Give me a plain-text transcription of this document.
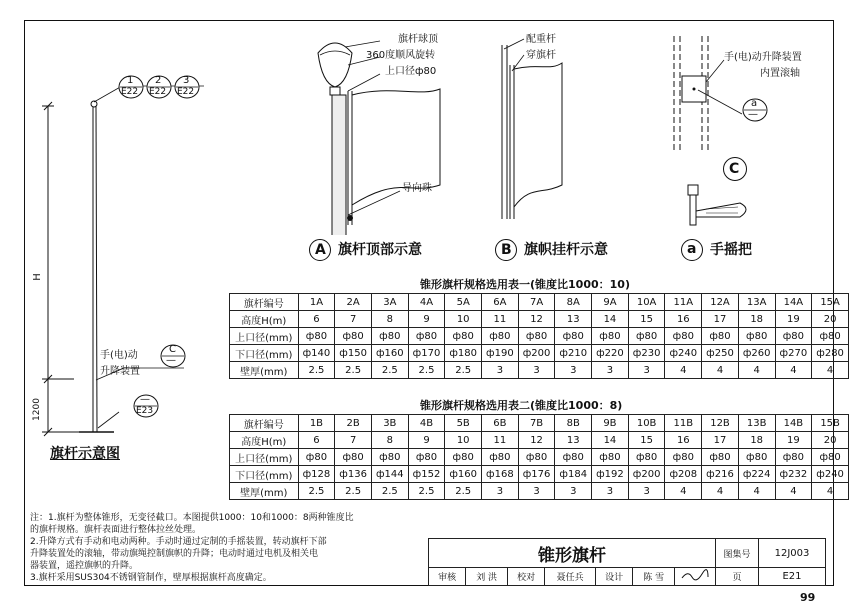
1
E22
2
E22
3
E22
H
1200
手(电)动
升降装置
C
—
—
E23
旗杆示意图
旗杆球顶
360度顺风旋转
上口径ф80
导向珠
A 旗杆顶部示意
配重杆
穿旗杆
B 旗帜挂杆示意
手(电)动升降装置
内置滚轴
a
—
C
a 手摇把
锥形旗杆规格选用表一(锥度比1000：10)
旗杆编号	1A	2A	3A	4A	5A	6A	7A	8A	9A	10A	11A	12A	13A	14A	15A
高度H(m)	6	7	8	9	10	11	12	13	14	15	16	17	18	19	20
上口径(mm)	ф80	ф80	ф80	ф80	ф80	ф80	ф80	ф80	ф80	ф80	ф80	ф80	ф80	ф80	ф80
下口径(mm)	ф140	ф150	ф160	ф170	ф180	ф190	ф200	ф210	ф220	ф230	ф240	ф250	ф260	ф270	ф280
壁厚(mm)	2.5	2.5	2.5	2.5	2.5	3	3	3	3	3	4	4	4	4	4
锥形旗杆规格选用表二(锥度比1000：8)
旗杆编号	1B	2B	3B	4B	5B	6B	7B	8B	9B	10B	11B	12B	13B	14B	15B
高度H(m)	6	7	8	9	10	11	12	13	14	15	16	17	18	19	20
上口径(mm)	ф80	ф80	ф80	ф80	ф80	ф80	ф80	ф80	ф80	ф80	ф80	ф80	ф80	ф80	ф80
下口径(mm)	ф128	ф136	ф144	ф152	ф160	ф168	ф176	ф184	ф192	ф200	ф208	ф216	ф224	ф232	ф240
壁厚(mm)	2.5	2.5	2.5	2.5	2.5	3	3	3	3	3	4	4	4	4	4
注：1.旗杆为整体锥形，无变径截口。本图提供1000：10和1000：8两种锥度比
的旗杆规格。旗杆表面进行整体拉丝处理。
2.升降方式有手动和电动两种。手动时通过定制的手摇装置，转动旗杆下部
升降装置处的滚轴，带动旗绳控制旗帜的升降；电动时通过电机及相关电
器装置，遥控旗帜的升降。
3.旗杆采用SUS304不锈钢管制作，壁厚根据旗杆高度确定。
锥形旗杆							图集号	12J003
审核	刘 洪	校对	聂任兵	设计	陈 雪		页	E21
99
